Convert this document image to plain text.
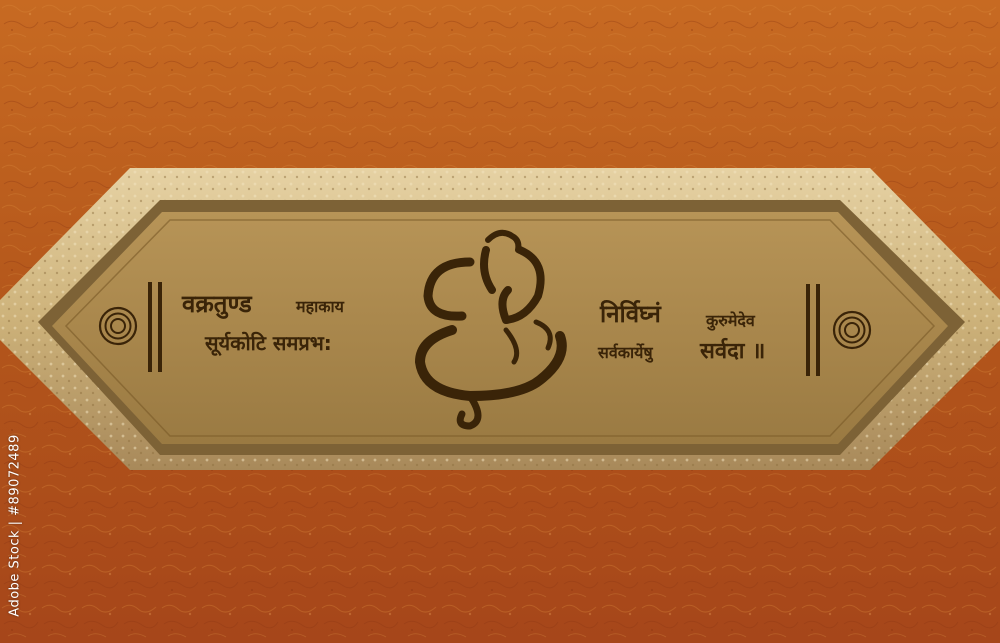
वक्रतुण्ड	महाकाय
सूर्यकोटि समप्रभ:
निर्विघ्नं	कुरुमेदेव
सर्वकार्येषु सर्वदा ॥
Adobe Stock | #89072489
